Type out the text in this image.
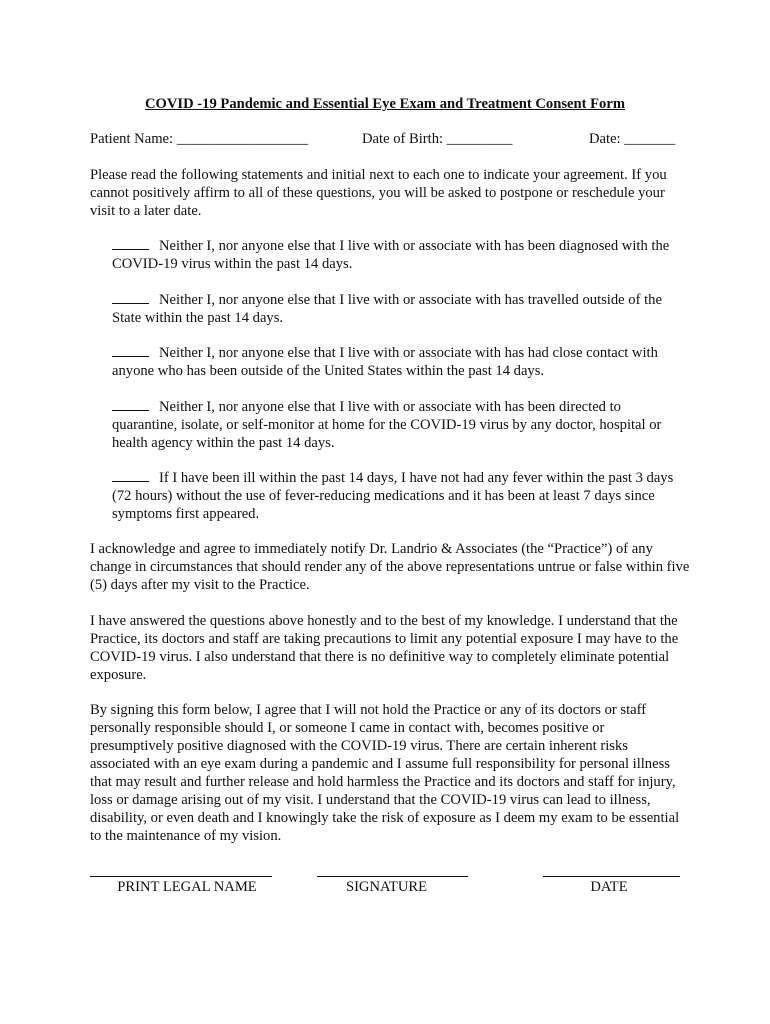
COVID -19 Pandemic and Essential Eye Exam and Treatment Consent Form
Patient Name: __________________	Date of Birth: _________	Date: _______

Please read the following statements and initial next to each one to indicate your agreement. If you cannot positively affirm to all of these questions, you will be asked to postpone or reschedule your visit to a later date.

Neither I, nor anyone else that I live with or associate with has been diagnosed with the COVID-19 virus within the past 14 days.

Neither I, nor anyone else that I live with or associate with has travelled outside of the State within the past 14 days.

Neither I, nor anyone else that I live with or associate with has had close contact with anyone who has been outside of the United States within the past 14 days.

Neither I, nor anyone else that I live with or associate with has been directed to quarantine, isolate, or self-monitor at home for the COVID-19 virus by any doctor, hospital or health agency within the past 14 days.

If I have been ill within the past 14 days, I have not had any fever within the past 3 days (72 hours) without the use of fever-reducing medications and it has been at least 7 days since symptoms first appeared.

I acknowledge and agree to immediately notify Dr. Landrio & Associates (the “Practice”) of any change in circumstances that should render any of the above representations untrue or false within five (5) days after my visit to the Practice.

I have answered the questions above honestly and to the best of my knowledge. I understand that the Practice, its doctors and staff are taking precautions to limit any potential exposure I may have to the COVID-19 virus. I also understand that there is no definitive way to completely eliminate potential exposure.

By signing this form below, I agree that I will not hold the Practice or any of its doctors or staff personally responsible should I, or someone I came in contact with, becomes positive or presumptively positive diagnosed with the COVID-19 virus. There are certain inherent risks associated with an eye exam during a pandemic and I assume full responsibility for personal illness that may result and further release and hold harmless the Practice and its doctors and staff for injury, loss or damage arising out of my visit. I understand that the COVID-19 virus can lead to illness, disability, or even death and I knowingly take the risk of exposure as I deem my exam to be essential to the maintenance of my vision.

PRINT LEGAL NAME	SIGNATURE	DATE
